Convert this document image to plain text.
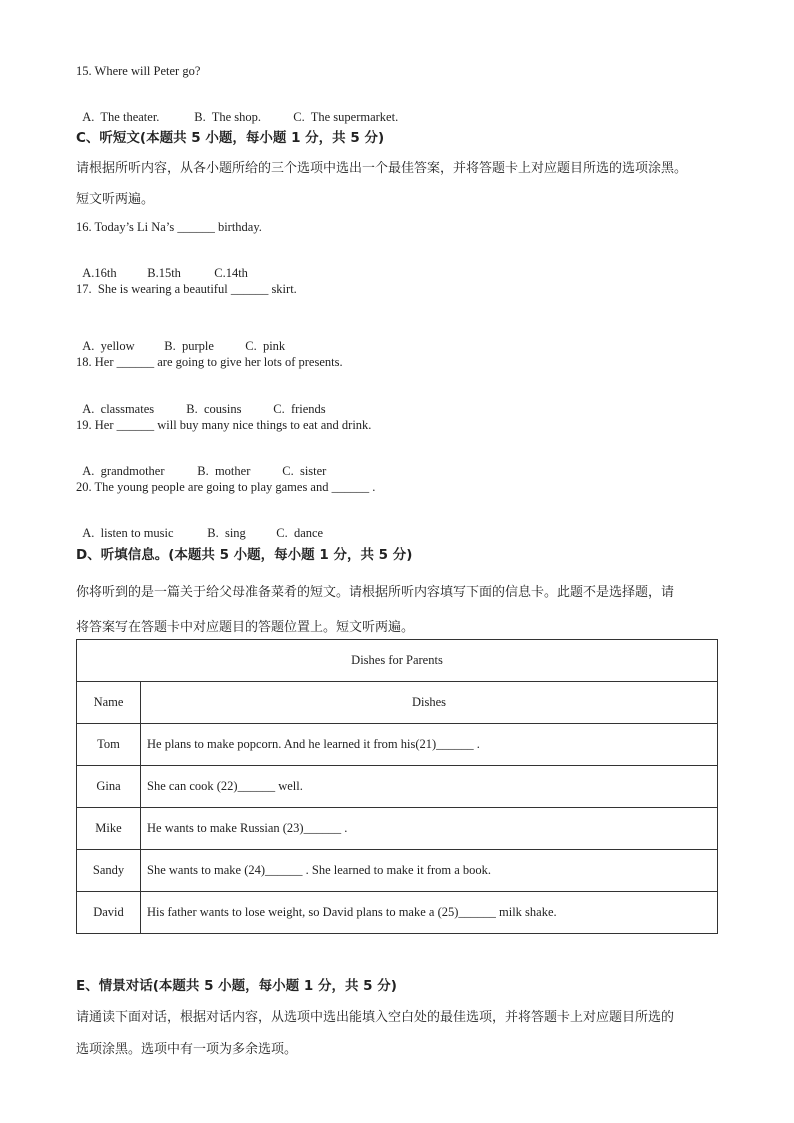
15. Where will Peter go?

A.  The theater.	B.  The shop.	C.  The supermarket.

C、听短文(本题共 5 小题，每小题 1 分，共 5 分)
请根据所听内容，从各小题所给的三个选项中选出一个最佳答案，并将答题卡上对应题目所选的选项涂黑。
短文听两遍。
16. Today’s Li Na’s ______ birthday.

A.16th B.15th	C.14th

17.  She is wearing a beautiful ______ skirt.

A.  yellow B.  purple	C.  pink

18. Her ______ are going to give her lots of presents.

A.  classmates	B.  cousins	C.  friends

19. Her ______ will buy many nice things to eat and drink.

A.  grandmother	B.  mother	C.  sister

20. The young people are going to play games and ______ .

A.  listen to music	B.  sing C.  dance

D、听填信息。(本题共 5 小题，每小题 1 分，共 5 分)
你将听到的是一篇关于给父母准备菜肴的短文。请根据所听内容填写下面的信息卡。此题不是选择题，请
将答案写在答题卡中对应题目的答题位置上。短文听两遍。
Dishes for Parents	
Name	Dishes
Tom	He plans to make popcorn. And he learned it from his(21)______ .
Gina	She can cook (22)______ well.
Mike	He wants to make Russian (23)______ .
Sandy	She wants to make (24)______ . She learned to make it from a book.
David	His father wants to lose weight, so David plans to make a (25)______ milk shake.
E、情景对话(本题共 5 小题，每小题 1 分，共 5 分)
请通读下面对话，根据对话内容，从选项中选出能填入空白处的最佳选项，并将答题卡上对应题目所选的
选项涂黑。选项中有一项为多余选项。
